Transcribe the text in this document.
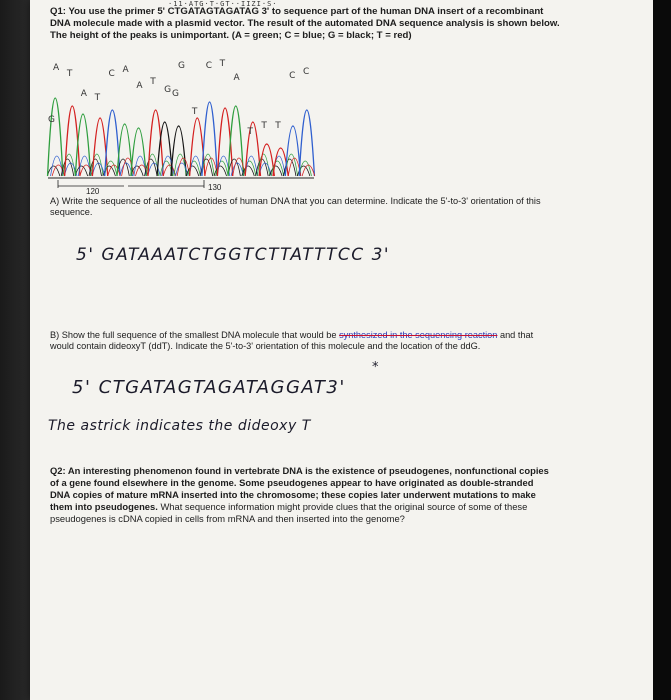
·11·ATG·T·GT··IIZI·S·
Q1: You use the primer 5' CTGATAGTAGATAG 3' to sequence part of the human DNA insert of a recombinant
DNA molecule made with a plasmid vector. The result of the automated DNA sequence analysis is shown below.
The height of the peaks is unimportant. (A = green; C = blue; G = black; T = red)
A
T
A T
C A
A T
G
G
T
C T
A
T
T T
C C
G
G
120	130
A) Write the sequence of all the nucleotides of human DNA that you can determine. Indicate the 5'-to-3' orientation of this
sequence.
5' GATAAATCTGGTCTTATTTCC 3'
B) Show the full sequence of the smallest DNA molecule that would be synthesized in the sequencing reaction and that
would contain dideoxyT (ddT). Indicate the 5'-to-3' orientation of this molecule and the location of the ddG.
*
5' CTGATAGTAGATAGGAT3'
The astrick indicates the dideoxy T
Q2: An interesting phenomenon found in vertebrate DNA is the existence of pseudogenes, nonfunctional copies
of a gene found elsewhere in the genome. Some pseudogenes appear to have originated as double-stranded
DNA copies of mature mRNA inserted into the chromosome; these copies later underwent mutations to make
them into pseudogenes. What sequence information might provide clues that the original source of some of these
pseudogenes is cDNA copied in cells from mRNA and then inserted into the genome?
